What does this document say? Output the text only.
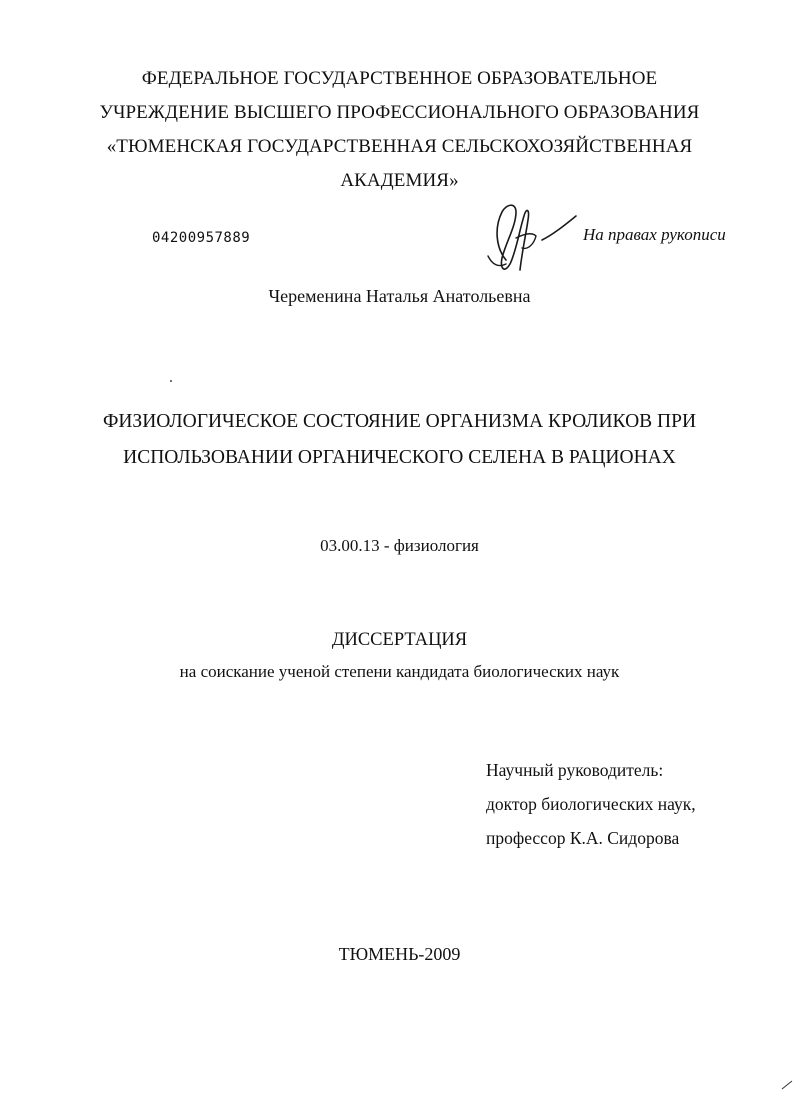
ФЕДЕРАЛЬНОЕ ГОСУДАРСТВЕННОЕ ОБРАЗОВАТЕЛЬНОЕ
УЧРЕЖДЕНИЕ ВЫСШЕГО ПРОФЕССИОНАЛЬНОГО ОБРАЗОВАНИЯ
«ТЮМЕНСКАЯ ГОСУДАРСТВЕННАЯ СЕЛЬСКОХОЗЯЙСТВЕННАЯ
АКАДЕМИЯ»
04200957889	На правах рукописи
Череменина Наталья Анатольевна
ФИЗИОЛОГИЧЕСКОЕ СОСТОЯНИЕ ОРГАНИЗМА КРОЛИКОВ ПРИ
ИСПОЛЬЗОВАНИИ ОРГАНИЧЕСКОГО СЕЛЕНА В РАЦИОНАХ
03.00.13 - физиология
ДИССЕРТАЦИЯ
на соискание ученой степени кандидата биологических наук
Научный руководитель:
доктор биологических наук,
профессор К.А. Сидорова
ТЮМЕНЬ-2009
